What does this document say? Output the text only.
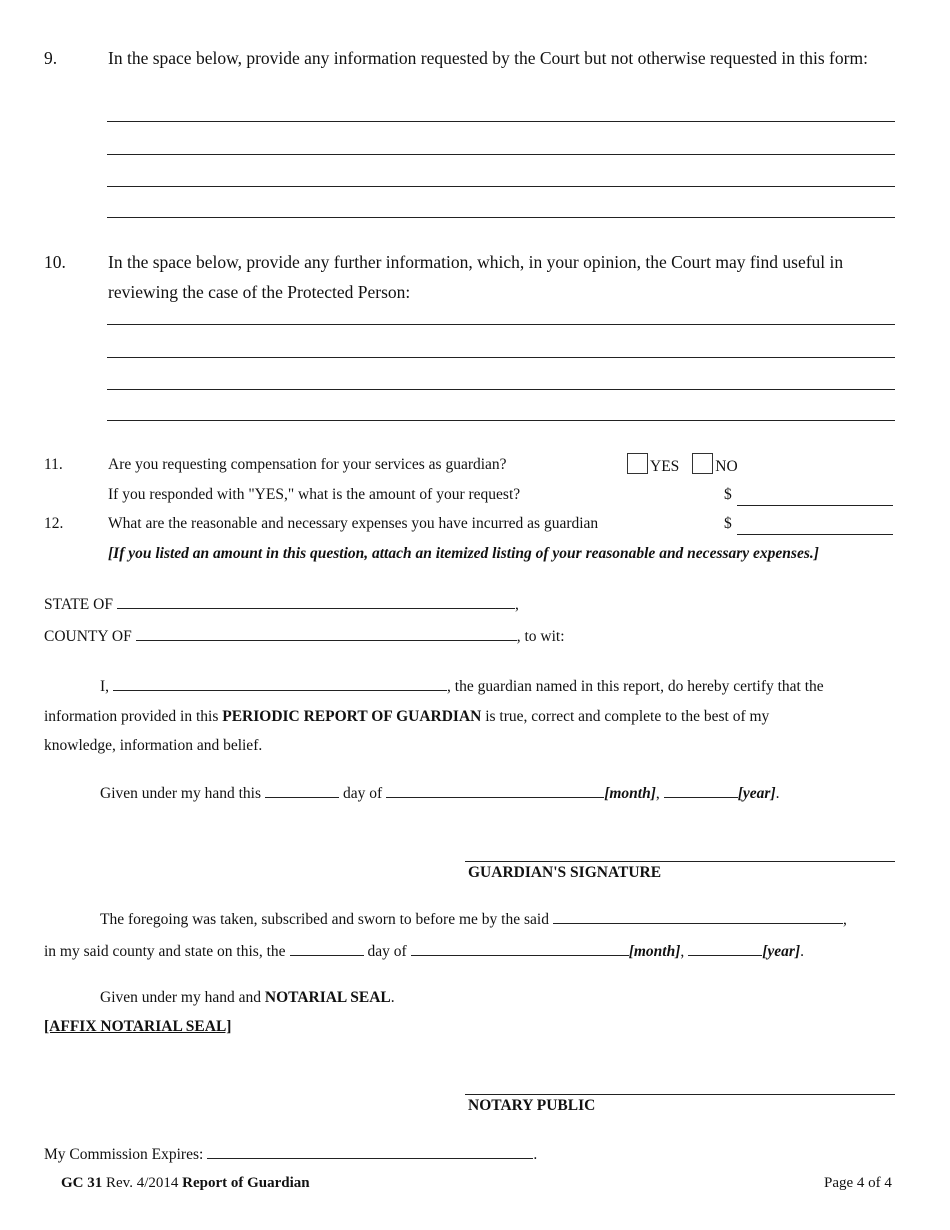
9.	In the space below, provide any information requested by the Court but not otherwise requested in this form:
10. In the space below, provide any further information, which, in your opinion, the Court may find useful in reviewing the case of the Protected Person:
11.	Are you requesting compensation for your services as guardian?	YES NO
If you responded with "YES," what is the amount of your request?	$
12.	What are the reasonable and necessary expenses you have incurred as guardian	$
[If you listed an amount in this question, attach an itemized listing of your reasonable and necessary expenses.]
STATE OF	,
COUNTY OF	, to wit:
I,	, the guardian named in this report, do hereby certify that the
information provided in this PERIODIC REPORT OF GUARDIAN is true, correct and complete to the best of my
knowledge, information and belief.
Given under my hand this	day of	[month],	[year].
GUARDIAN'S SIGNATURE
The foregoing was taken, subscribed and sworn to before me by the said	,
in my said county and state on this, the	day of	[month],	[year].
Given under my hand and NOTARIAL SEAL.
[AFFIX NOTARIAL SEAL]
NOTARY PUBLIC
My Commission Expires:	.
GC 31 Rev. 4/2014 Report of Guardian	Page 4 of 4
